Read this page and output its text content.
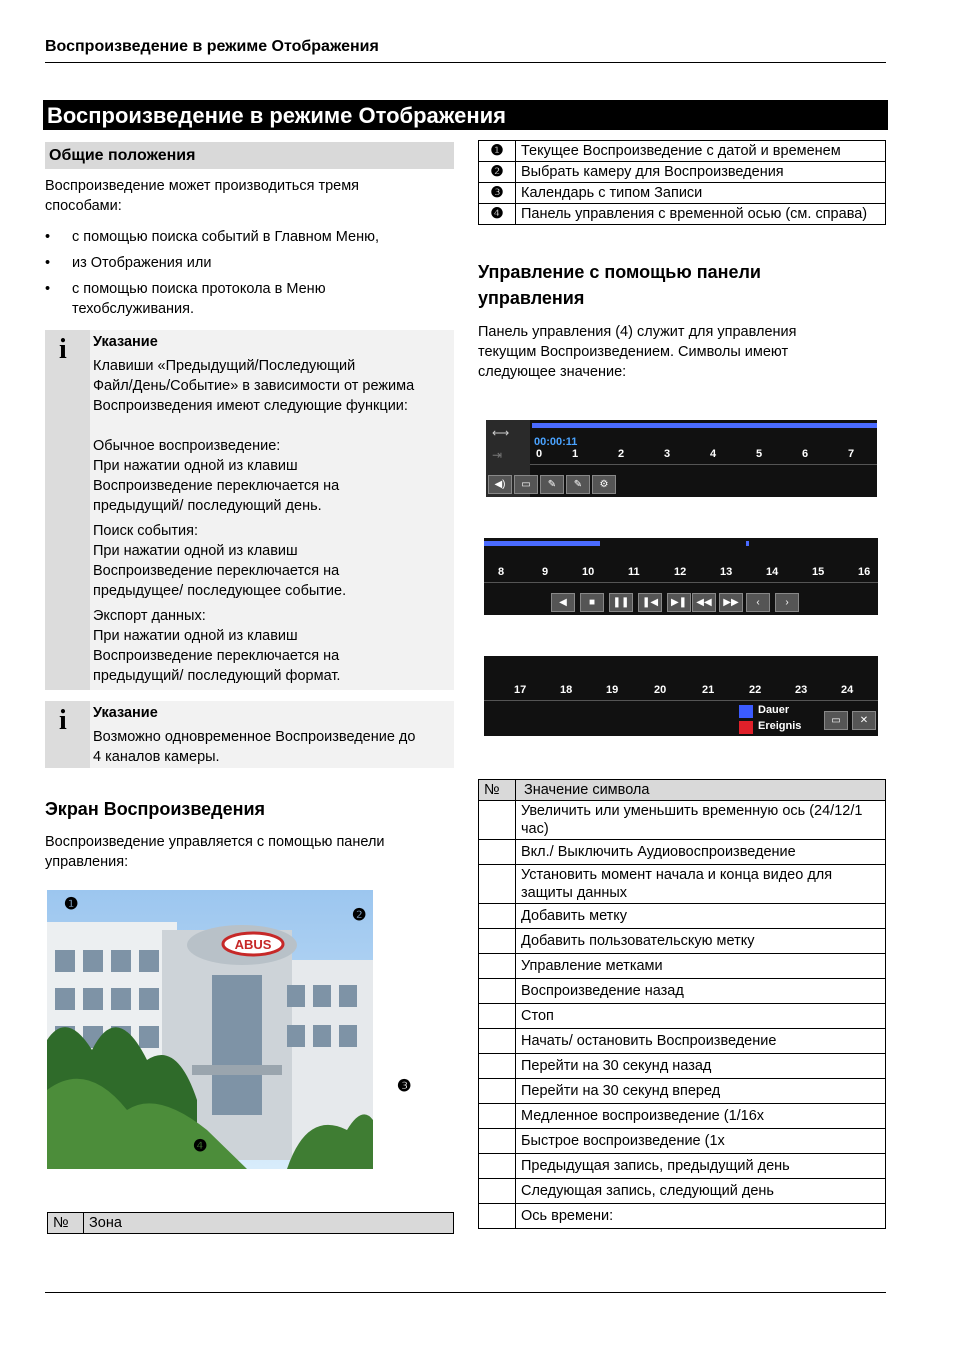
Воспроизведение в режиме Отображения
Воспроизведение в режиме Отображения
Общие положения
Воспроизведение может производиться тремя
способами:
• с помощью поиска событий в Главном Меню,
• из Отображения или
• с помощью поиска протокола в Меню
техобслуживания.
i Указание
Клавиши «Предыдущий/Последующий
Файл/День/Событие» в зависимости от режима
Воспроизведения имеют следующие функции:
Обычное воспроизведение:
При нажатии одной из клавиш
Воспроизведение переключается на
предыдущий/ последующий день.
Поиск события:
При нажатии одной из клавиш
Воспроизведение переключается на
предыдущее/ последующее событие.
Экспорт данных:
При нажатии одной из клавиш
Воспроизведение переключается на
предыдущий/ последующий формат.
i Указание
Возможно одновременное Воспроизведение до
4 каналов камеры.
Экран Воспроизведения
Воспроизведение управляется с помощью панели
управления:
ABUS
❶
❷
❸
❹
№	Зона
❶	Текущее Воспроизведение с датой и временем
❷	Выбрать камеру для Воспроизведения
❸	Календарь с типом Записи
❹	Панель управления с временной осью (см. справа)
Управление с помощью панели
управления
Панель управления (4) служит для управления
текущим Воспроизведением. Символы имеют
следующее значение:
⟷
⇥
00:00:11
0	1	2	3	4	5	6	7
◀)	▭	✎	✎	⚙
8	9	10	11	12	13	14	15	16
◀	■	❚❚	❚◀	▶❚ ◀◀	▶▶	‹	›
17	18	19	20	21	22	23	24
Dauer
Ereignis	▭	✕
№	Значение символа
	Увеличить или уменьшить временную ось (24/12/1 час)
	Вкл./ Выключить Аудиовоспроизведение
	Установить момент начала и конца видео для защиты данных
	Добавить метку
	Добавить пользовательскую метку
	Управление метками
	Воспроизведение назад
	Стоп
	Начать/ остановить Воспроизведение
	Перейти на 30 секунд назад
	Перейти на 30 секунд вперед
	Медленное воспроизведение (1/16x
	Быстрое воспроизведение (1x
	Предыдущая запись, предыдущий день
	Следующая запись, следующий день
	Ось времени:
